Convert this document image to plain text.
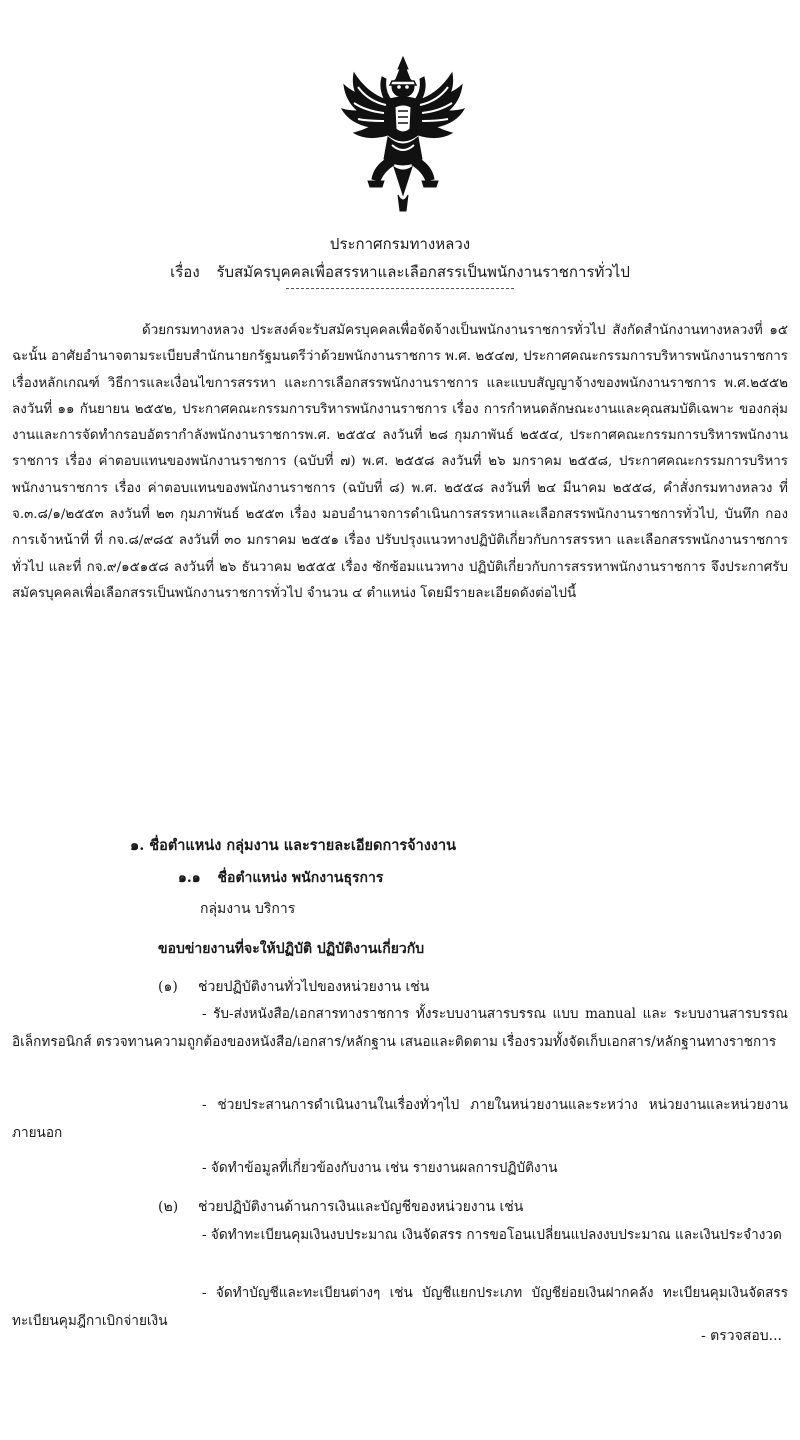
ประกาศกรมทางหลวง
เรื่อง รับสมัครบุคคลเพื่อสรรหาและเลือกสรรเป็นพนักงานราชการทั่วไป
ด้วยกรมทางหลวง ประสงค์จะรับสมัครบุคคลเพื่อจัดจ้างเป็นพนักงานราชการทั่วไป สังกัดสำนักงานทางหลวงที่ ๑๕ ฉะนั้น อาศัยอำนาจตามระเบียบสำนักนายกรัฐมนตรีว่าด้วยพนักงานราชการ พ.ศ. ๒๕๔๗, ประกาศคณะกรรมการบริหารพนักงานราชการ เรื่องหลักเกณฑ์ วิธีการและเงื่อนไขการสรรหา และการเลือกสรรพนักงานราชการ และแบบสัญญาจ้างของพนักงานราชการ พ.ศ.๒๕๕๒ ลงวันที่ ๑๑ กันยายน ๒๕๕๒, ประกาศคณะกรรมการบริหารพนักงานราชการ เรื่อง การกำหนดลักษณะงานและคุณสมบัติเฉพาะ ของกลุ่มงานและการจัดทำกรอบอัตรากำลังพนักงานราชการพ.ศ. ๒๕๕๔ ลงวันที่ ๒๘ กุมภาพันธ์ ๒๕๕๔, ประกาศคณะกรรมการบริหารพนักงานราชการ เรื่อง ค่าตอบแทนของพนักงานราชการ (ฉบับที่ ๗) พ.ศ. ๒๕๕๘ ลงวันที่ ๒๖ มกราคม ๒๕๕๘, ประกาศคณะกรรมการบริหารพนักงานราชการ เรื่อง ค่าตอบแทนของพนักงานราชการ (ฉบับที่ ๘) พ.ศ. ๒๕๕๘ ลงวันที่ ๒๔ มีนาคม ๒๕๕๘, คำสั่งกรมทางหลวง ที่ จ.๓.๘/๑/๒๕๕๓ ลงวันที่ ๒๓ กุมภาพันธ์ ๒๕๕๓ เรื่อง มอบอำนาจการดำเนินการสรรหาและเลือกสรรพนักงานราชการทั่วไป, บันทึก กองการเจ้าหน้าที่ ที่ กจ.๘/๙๘๕ ลงวันที่ ๓๐ มกราคม ๒๕๕๑ เรื่อง ปรับปรุงแนวทางปฏิบัติเกี่ยวกับการสรรหา และเลือกสรรพนักงานราชการทั่วไป และที่ กจ.๙/๑๕๑๕๘ ลงวันที่ ๒๖ ธันวาคม ๒๕๕๕ เรื่อง ซักซ้อมแนวทาง ปฏิบัติเกี่ยวกับการสรรหาพนักงานราชการ จึงประกาศรับสมัครบุคคลเพื่อเลือกสรรเป็นพนักงานราชการทั่วไป จำนวน ๔ ตำแหน่ง โดยมีรายละเอียดดังต่อไปนี้
๑. ชื่อตำแหน่ง กลุ่มงาน และรายละเอียดการจ้างงาน
๑.๑ ชื่อตำแหน่ง พนักงานธุรการ
กลุ่มงาน บริการ
ขอบข่ายงานที่จะให้ปฏิบัติ ปฏิบัติงานเกี่ยวกับ
(๑) ช่วยปฏิบัติงานทั่วไปของหน่วยงาน เช่น
- รับ-ส่งหนังสือ/เอกสารทางราชการ ทั้งระบบงานสารบรรณ แบบ manual และ ระบบงานสารบรรณอิเล็กทรอนิกส์ ตรวจทานความถูกต้องของหนังสือ/เอกสาร/หลักฐาน เสนอและติดตาม เรื่องรวมทั้งจัดเก็บเอกสาร/หลักฐานทางราชการ
- ช่วยประสานการดำเนินงานในเรื่องทั่วๆไป ภายในหน่วยงานและระหว่าง หน่วยงานและหน่วยงานภายนอก
- จัดทำข้อมูลที่เกี่ยวข้องกับงาน เช่น รายงานผลการปฏิบัติงาน
(๒) ช่วยปฏิบัติงานด้านการเงินและบัญชีของหน่วยงาน เช่น
- จัดทำทะเบียนคุมเงินงบประมาณ เงินจัดสรร การขอโอนเปลี่ยนแปลงงบประมาณ และเงินประจำงวด
- จัดทำบัญชีและทะเบียนต่างๆ เช่น บัญชีแยกประเภท บัญชีย่อยเงินฝากคลัง ทะเบียนคุมเงินจัดสรร ทะเบียนคุมฎีกาเบิกจ่ายเงิน
- ตรวจสอบ...
